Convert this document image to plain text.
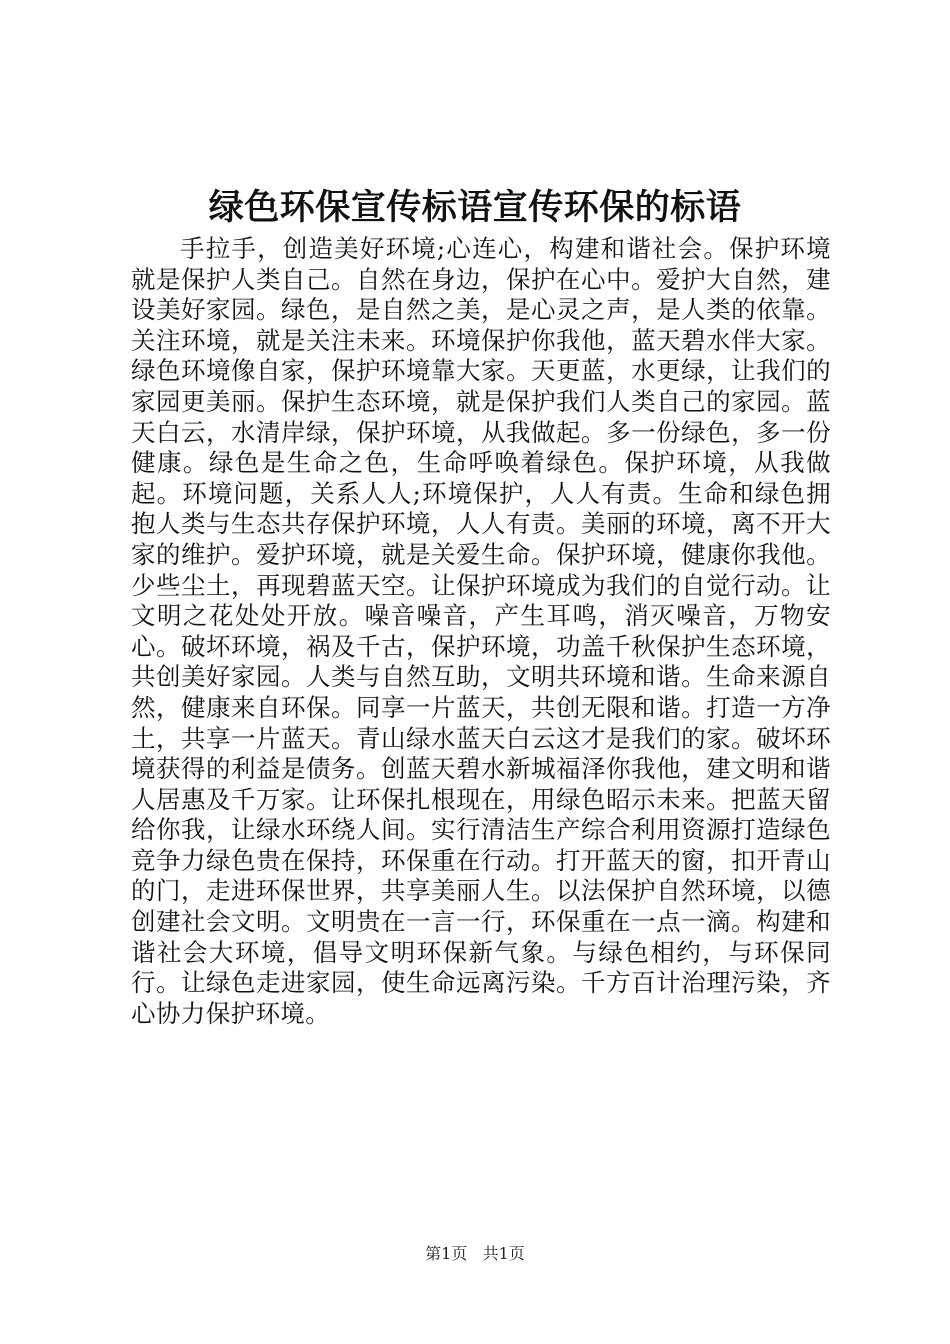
绿色环保宣传标语宣传环保的标语

手拉手，创造美好环境;心连心，构建和谐社会。保护环境就是保护人类自己。自然在身边，保护在心中。爱护大自然，建设美好家园。绿色，是自然之美，是心灵之声，是人类的依靠。关注环境，就是关注未来。环境保护你我他，蓝天碧水伴大家。绿色环境像自家，保护环境靠大家。天更蓝，水更绿，让我们的家园更美丽。保护生态环境，就是保护我们人类自己的家园。蓝天白云，水清岸绿，保护环境，从我做起。多一份绿色，多一份健康。绿色是生命之色，生命呼唤着绿色。保护环境，从我做起。环境问题，关系人人;环境保护，人人有责。生命和绿色拥抱人类与生态共存保护环境，人人有责。美丽的环境，离不开大家的维护。爱护环境，就是关爱生命。保护环境，健康你我他。少些尘土，再现碧蓝天空。让保护环境成为我们的自觉行动。让文明之花处处开放。噪音噪音，产生耳鸣，消灭噪音，万物安心。破坏环境，祸及千古，保护环境，功盖千秋保护生态环境，共创美好家园。人类与自然互助，文明共环境和谐。生命来源自然，健康来自环保。同享一片蓝天，共创无限和谐。打造一方净土，共享一片蓝天。青山绿水蓝天白云这才是我们的家。破坏环境获得的利益是债务。创蓝天碧水新城福泽你我他，建文明和谐人居惠及千万家。让环保扎根现在，用绿色昭示未来。把蓝天留给你我，让绿水环绕人间。实行清洁生产综合利用资源打造绿色竞争力绿色贵在保持，环保重在行动。打开蓝天的窗，扣开青山的门，走进环保世界，共享美丽人生。以法保护自然环境，以德创建社会文明。文明贵在一言一行，环保重在一点一滴。构建和谐社会大环境，倡导文明环保新气象。与绿色相约，与环保同行。让绿色走进家园，使生命远离污染。千方百计治理污染，齐心协力保护环境。

第1页 共1页
